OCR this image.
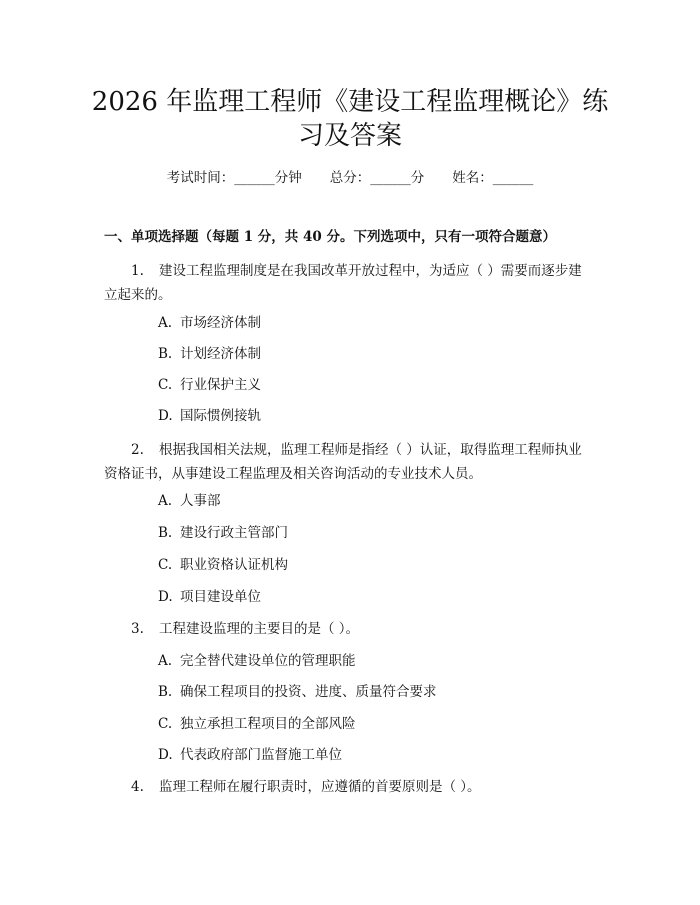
2026 年监理工程师《建设工程监理概论》练
习及答案
考试时间：______分钟 总分：______分 姓名：______
一、单项选择题（每题 1 分，共 40 分。下列选项中，只有一项符合题意）
1. 建设工程监理制度是在我国改革开放过程中，为适应（ ）需要而逐步建
立起来的。
A. 市场经济体制
B. 计划经济体制
C. 行业保护主义
D. 国际惯例接轨
2. 根据我国相关法规，监理工程师是指经（ ）认证，取得监理工程师执业
资格证书，从事建设工程监理及相关咨询活动的专业技术人员。
A. 人事部
B. 建设行政主管部门
C. 职业资格认证机构
D. 项目建设单位
3. 工程建设监理的主要目的是（ ）。
A. 完全替代建设单位的管理职能
B. 确保工程项目的投资、进度、质量符合要求
C. 独立承担工程项目的全部风险
D. 代表政府部门监督施工单位
4. 监理工程师在履行职责时，应遵循的首要原则是（ ）。
